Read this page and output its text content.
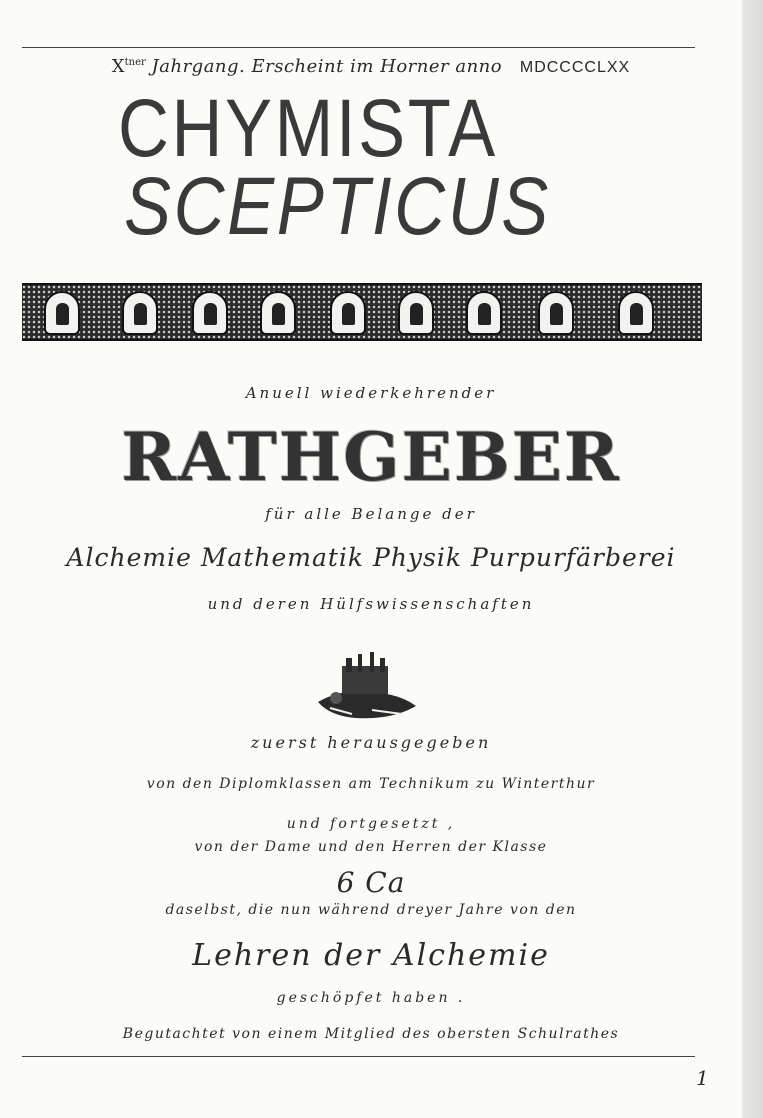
$X^{tner}$ Jahrgang. Erscheint im Horner anno MDCCCCLXX
CHYMISTA
SCEPTICUS
Anuell wiederkehrender
RATHGEBER
für alle Belange der
Alchemie Mathematik Physik Purpurfärberei
und deren Hülfswissenschaften
zuerst herausgegeben
von den Diplomklassen am Technikum zu Winterthur
und fortgesetzt ,
von der Dame und den Herren der Klasse
6 Ca
daselbst, die nun während dreyer Jahre von den
Lehren der Alchemie
geschöpfet haben .
Begutachtet von einem Mitglied des obersten Schulrathes
1
